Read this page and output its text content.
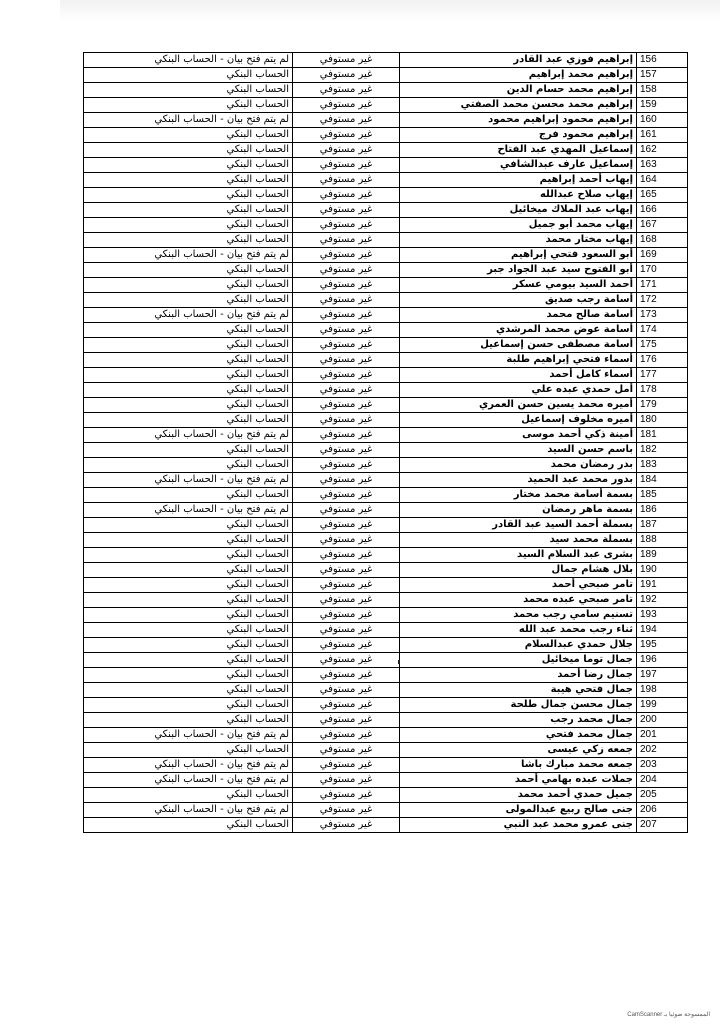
156	إبراهيم فوزي عبد القادر	غير مستوفي	لم يتم فتح بيان - الحساب البنكي
157	إبراهيم محمد إبراهيم	غير مستوفي	الحساب البنكي
158	إبراهيم محمد حسام الدين	غير مستوفي	الحساب البنكي
159	إبراهيم محمد محسن محمد الصفتي	غير مستوفي	الحساب البنكي
160	إبراهيم محمود إبراهيم محمود	غير مستوفي	لم يتم فتح بيان - الحساب البنكي
161	إبراهيم محمود فرج	غير مستوفي	الحساب البنكي
162	إسماعيل المهدي عبد الفتاح	غير مستوفي	الحساب البنكي
163	إسماعيل عارف عبدالشافي	غير مستوفي	الحساب البنكي
164	إيهاب أحمد إبراهيم	غير مستوفي	الحساب البنكي
165	إيهاب صلاح عبدالله	غير مستوفي	الحساب البنكي
166	إيهاب عبد الملاك ميخائيل	غير مستوفي	الحساب البنكي
167	إيهاب محمد أبو جميل	غير مستوفي	الحساب البنكي
168	إيهاب مختار محمد	غير مستوفي	الحساب البنكي
169	أبو السعود فتحي إبراهيم	غير مستوفي	لم يتم فتح بيان - الحساب البنكي
170	أبو الفتوح سيد عبد الجواد جبر	غير مستوفي	الحساب البنكي
171	أحمد السيد بيومي عسكر	غير مستوفي	الحساب البنكي
172	أسامة رجب صديق	غير مستوفي	الحساب البنكي
173	أسامة صالح محمد	غير مستوفي	لم يتم فتح بيان - الحساب البنكي
174	أسامة عوض محمد المرشدي	غير مستوفي	الحساب البنكي
175	أسامة مصطفى حسن إسماعيل	غير مستوفي	الحساب البنكي
176	أسماء فتحي إبراهيم طلبة	غير مستوفي	الحساب البنكي
177	أسماء كامل أحمد	غير مستوفي	الحساب البنكي
178	أمل حمدي عبده علي	غير مستوفي	الحساب البنكي
179	أميره محمد يسين حسن العمري	غير مستوفي	الحساب البنكي
180	أميره مخلوف إسماعيل	غير مستوفي	الحساب البنكي
181	أمينة ذكي أحمد موسى	غير مستوفي	لم يتم فتح بيان - الحساب البنكي
182	باسم حسن السيد	غير مستوفي	الحساب البنكي
183	بدر رمضان محمد	غير مستوفي	الحساب البنكي
184	بدور محمد عبد الحميد	غير مستوفي	لم يتم فتح بيان - الحساب البنكي
185	بسمة أسامة محمد مختار	غير مستوفي	الحساب البنكي
186	بسمة ماهر رمضان	غير مستوفي	لم يتم فتح بيان - الحساب البنكي
187	بسملة أحمد السيد عبد القادر	غير مستوفي	الحساب البنكي
188	بسملة محمد سيد	غير مستوفي	الحساب البنكي
189	بشرى عبد السلام السيد	غير مستوفي	الحساب البنكي
190	بلال هشام جمال	غير مستوفي	الحساب البنكي
191	تامر صبحي أحمد	غير مستوفي	الحساب البنكي
192	تامر صبحي عبده محمد	غير مستوفي	الحساب البنكي
193	تسنيم سامي رجب محمد	غير مستوفي	الحساب البنكي
194	ثناء رجب محمد عبد الله	غير مستوفي	الحساب البنكي
195	جلال حمدي عبدالسلام	غير مستوفي	الحساب البنكي
196	جمال توما ميخائيل	غير مستوفي	الحساب البنكي
197	جمال رضا أحمد	غير مستوفي	الحساب البنكي
198	جمال فتحي هيبة	غير مستوفي	الحساب البنكي
199	جمال محسن جمال طلحة	غير مستوفي	الحساب البنكي
200	جمال محمد رجب	غير مستوفي	الحساب البنكي
201	جمال محمد فتحي	غير مستوفي	لم يتم فتح بيان - الحساب البنكي
202	جمعه زكي عيسى	غير مستوفي	الحساب البنكي
203	جمعه محمد مبارك باشا	غير مستوفي	لم يتم فتح بيان - الحساب البنكي
204	جملات عبده بهامي أحمد	غير مستوفي	لم يتم فتح بيان - الحساب البنكي
205	جميل حمدي أحمد محمد	غير مستوفي	الحساب البنكي
206	جنى صالح ربيع عبدالمولى	غير مستوفي	لم يتم فتح بيان - الحساب البنكي
207	جنى عمرو محمد عبد النبي	غير مستوفي	الحساب البنكي
الممسوحة ضوئيا بـ CamScanner
